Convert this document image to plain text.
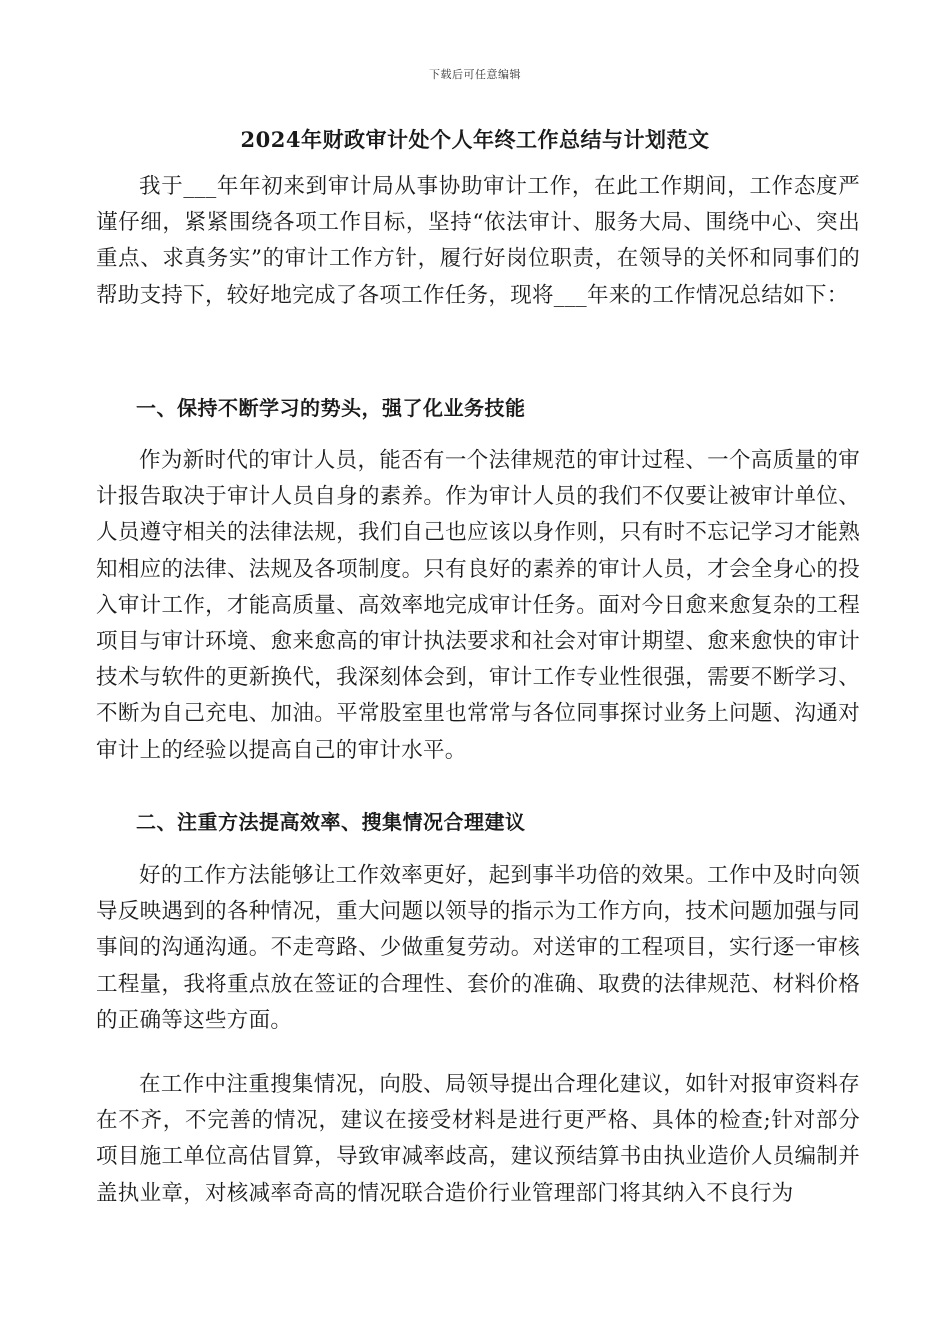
下载后可任意编辑
2024年财政审计处个人年终工作总结与计划范文

我于___年年初来到审计局从事协助审计工作，在此工作期间，工作态度严谨仔细，紧紧围绕各项工作目标，坚持“依法审计、服务大局、围绕中心、突出重点、求真务实”的审计工作方针，履行好岗位职责，在领导的关怀和同事们的帮助支持下，较好地完成了各项工作任务，现将___年来的工作情况总结如下：

一、保持不断学习的势头，强了化业务技能

作为新时代的审计人员，能否有一个法律规范的审计过程、一个高质量的审计报告取决于审计人员自身的素养。作为审计人员的我们不仅要让被审计单位、人员遵守相关的法律法规，我们自己也应该以身作则，只有时不忘记学习才能熟知相应的法律、法规及各项制度。只有良好的素养的审计人员，才会全身心的投入审计工作，才能高质量、高效率地完成审计任务。面对今日愈来愈复杂的工程项目与审计环境、愈来愈高的审计执法要求和社会对审计期望、愈来愈快的审计技术与软件的更新换代，我深刻体会到，审计工作专业性很强，需要不断学习、不断为自己充电、加油。平常股室里也常常与各位同事探讨业务上问题、沟通对审计上的经验以提高自己的审计水平。

二、注重方法提高效率、搜集情况合理建议

好的工作方法能够让工作效率更好，起到事半功倍的效果。工作中及时向领导反映遇到的各种情况，重大问题以领导的指示为工作方向，技术问题加强与同事间的沟通沟通。不走弯路、少做重复劳动。对送审的工程项目，实行逐一审核工程量，我将重点放在签证的合理性、套价的准确、取费的法律规范、材料价格的正确等这些方面。

在工作中注重搜集情况，向股、局领导提出合理化建议，如针对报审资料存在不齐，不完善的情况，建议在接受材料是进行更严格、具体的检查;针对部分项目施工单位高估冒算，导致审减率歧高，建议预结算书由执业造价人员编制并盖执业章，对核减率奇高的情况联合造价行业管理部门将其纳入不良行为
